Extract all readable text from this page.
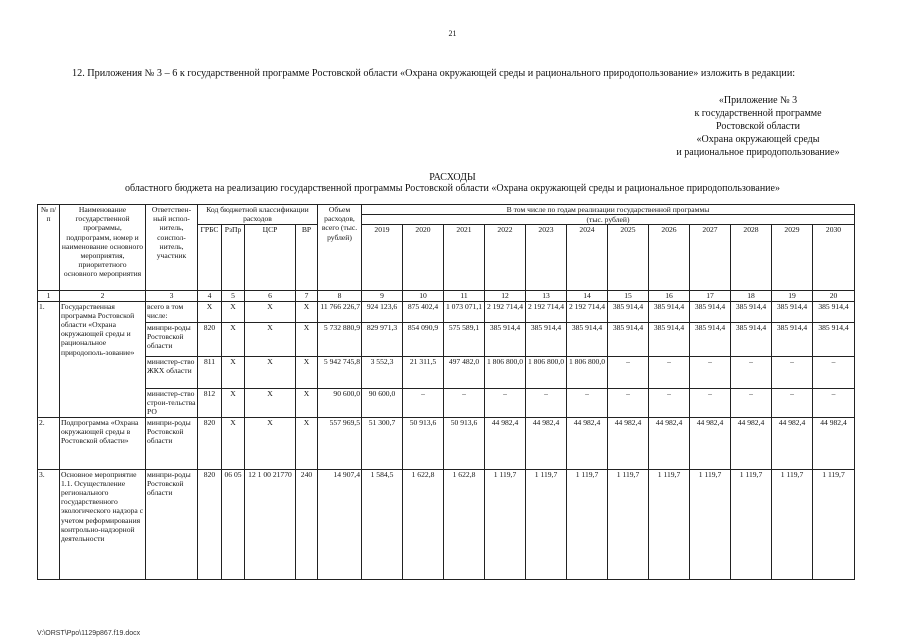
21
12. Приложения № 3 – 6 к государственной программе Ростовской области «Охрана окружающей среды и рационального природопользование» изложить в редакции:
«Приложение № 3
к государственной программе
Ростовской области
«Охрана окружающей среды
и рациональное природопользование»
РАСХОДЫ
областного бюджета на реализацию государственной программы Ростовской области «Охрана окружающей среды и рациональное природопользование»
№ п/п	Наименование государственной программы, подпрограмм, номер и наименование основного мероприятия, приоритетного основного мероприятия	Ответствен-ный испол-нитель, соиспол-нитель, участник	Код бюджетной классификации расходов				Объем расходов, всего (тыс. рублей)	В том числе по годам реализации государственной программы											
								(тыс. рублей)											
			ГРБС	РзПр	ЦСР	ВР		2019	2020	2021	2022	2023	2024	2025	2026	2027	2028	2029	2030
1	2	3	4	5	6	7	8	9	10	11	12	13	14	15	16	17	18	19	20
1.	Государственная программа Ростовской области «Охрана окружающей среды и рациональное природополь-зование»	всего в том числе:	X	X	X	X	11 766 226,7	924 123,6	875 402,4	1 073 071,1	2 192 714,4	2 192 714,4	2 192 714,4	385 914,4	385 914,4	385 914,4	385 914,4	385 914,4	385 914,4
		минпри-роды Ростовской области	820	X	X	X	5 732 880,9	829 971,3	854 090,9	575 589,1	385 914,4	385 914,4	385 914,4	385 914,4	385 914,4	385 914,4	385 914,4	385 914,4	385 914,4
		министер-ство ЖКХ области	811	X	X	X	5 942 745,8	3 552,3	21 311,5	497 482,0	1 806 800,0	1 806 800,0	1 806 800,0	–	–	–	–	–	–
		министер-ство строи-тельства РО	812	X	X	X	90 600,0	90 600,0	–	–	–	–	–	–	–	–	–	–	–
2.	Подпрограмма «Охрана окружающей среды в Ростовской области»	минпри-роды Ростовской области	820	X	X	X	557 969,5	51 300,7	50 913,6	50 913,6	44 982,4	44 982,4	44 982,4	44 982,4	44 982,4	44 982,4	44 982,4	44 982,4	44 982,4
3.	Основное мероприятие 1.1. Осуществление регионального государственного экологического надзора с учетом реформирования контрольно-надзорной деятельности	минпри-роды Ростовской области	820	06 05	12 1 00 21770	240	14 907,4	1 584,5	1 622,8	1 622,8	1 119,7	1 119,7	1 119,7	1 119,7	1 119,7	1 119,7	1 119,7	1 119,7	1 119,7
V:\ORST\Ppo\1129p867.f19.docx
